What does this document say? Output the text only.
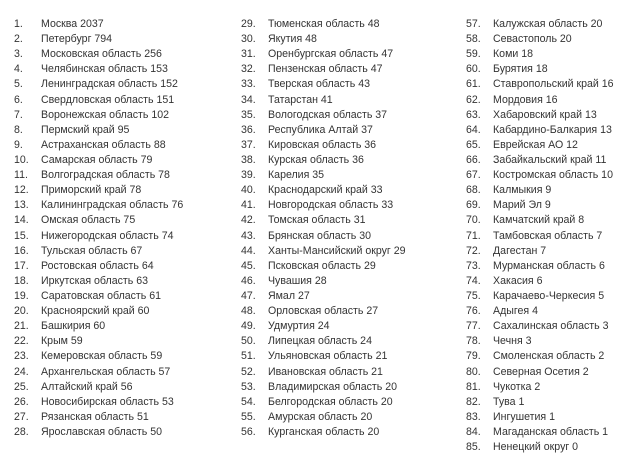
1. Москва 2037
2. Петербург 794
3. Московская область 256
4. Челябинская область 153
5. Ленинградская область 152
6. Свердловская область 151
7. Воронежская область 102
8. Пермский край 95
9. Астраханская область 88
10. Самарская область 79
11. Волгоградская область 78
12. Приморский край 78
13. Калининградская область 76
14. Омская область 75
15. Нижегородская область 74
16. Тульская область 67
17. Ростовская область 64
18. Иркутская область 63
19. Саратовская область 61
20. Красноярский край 60
21. Башкирия 60
22. Крым 59
23. Кемеровская область 59
24. Архангельская область 57
25. Алтайский край 56
26. Новосибирская область 53
27. Рязанская область 51
28. Ярославская область 50
29. Тюменская область 48
30. Якутия 48
31. Оренбургская область 47
32. Пензенская область 47
33. Тверская область 43
34. Татарстан 41
35. Вологодская область 37
36. Республика Алтай 37
37. Кировская область 36
38. Курская область 36
39. Карелия 35
40. Краснодарский край 33
41. Новгородская область 33
42. Томская область 31
43. Брянская область 30
44. Ханты-Мансийский округ 29
45. Псковская область 29
46. Чувашия 28
47. Ямал 27
48. Орловская область 27
49. Удмуртия 24
50. Липецкая область 24
51. Ульяновская область 21
52. Ивановская область 21
53. Владимирская область 20
54. Белгородская область 20
55. Амурская область 20
56. Курганская область 20
57. Калужская область 20
58. Севастополь 20
59. Коми 18
60. Бурятия 18
61. Ставропольский край 16
62. Мордовия 16
63. Хабаровский край 13
64. Кабардино-Балкария 13
65. Еврейская АО 12
66. Забайкальский край 11
67. Костромская область 10
68. Калмыкия 9
69. Марий Эл 9
70. Камчатский край 8
71. Тамбовская область 7
72. Дагестан 7
73. Мурманская область 6
74. Хакасия 6
75. Карачаево-Черкесия 5
76. Адыгея 4
77. Сахалинская область 3
78. Чечня 3
79. Смоленская область 2
80. Северная Осетия 2
81. Чукотка 2
82. Тува 1
83. Ингушетия 1
84. Магаданская область 1
85. Ненецкий округ 0
